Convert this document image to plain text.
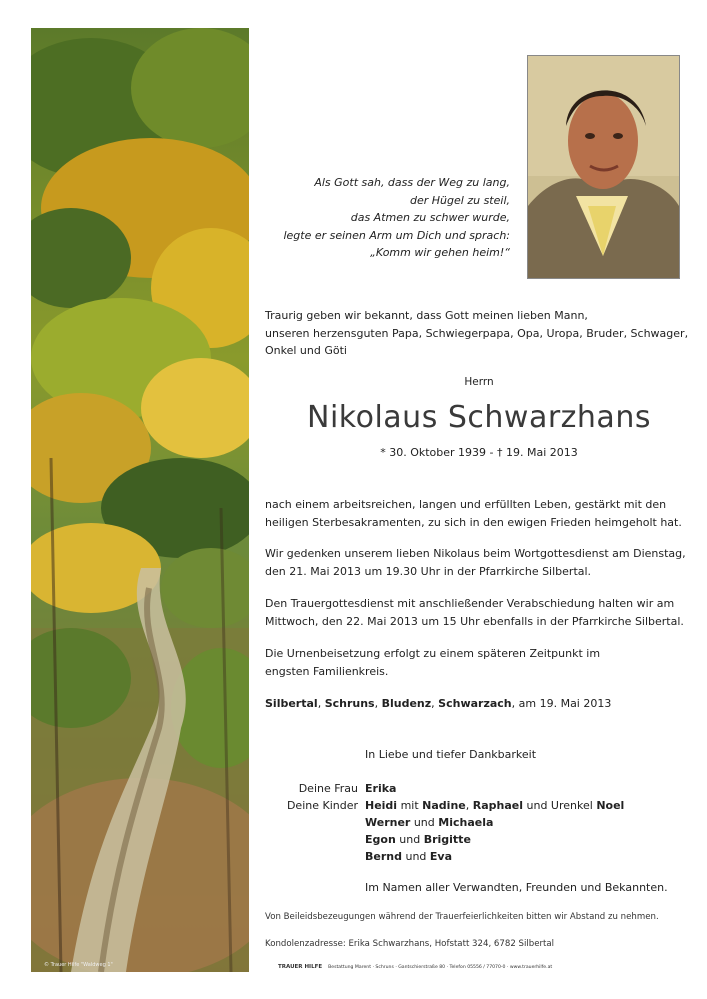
© Trauer Hilfe "Waldweg 1"
Als Gott sah, dass der Weg zu lang,
der Hügel zu steil,
das Atmen zu schwer wurde,
legte er seinen Arm um Dich und sprach:
„Komm wir gehen heim!“
Traurig geben wir bekannt, dass Gott meinen lieben Mann,
unseren herzensguten Papa, Schwiegerpapa, Opa, Uropa, Bruder, Schwager,
Onkel und Göti
Herrn
Nikolaus Schwarzhans
* 30. Oktober 1939 - † 19. Mai 2013
nach einem arbeitsreichen, langen und erfüllten Leben, gestärkt mit den
heiligen Sterbesakramenten, zu sich in den ewigen Frieden heimgeholt hat.
Wir gedenken unserem lieben Nikolaus beim Wortgottesdienst am Dienstag,
den 21. Mai 2013 um 19.30 Uhr in der Pfarrkirche Silbertal.
Den Trauergottesdienst mit anschließender Verabschiedung halten wir am
Mittwoch, den 22. Mai 2013 um 15 Uhr ebenfalls in der Pfarrkirche Silbertal.
Die Urnenbeisetzung erfolgt zu einem späteren Zeitpunkt im
engsten Familienkreis.
Silbertal, Schruns, Bludenz, Schwarzach, am 19. Mai 2013
In Liebe und tiefer Dankbarkeit
Deine Frau
Deine Kinder
Erika
Heidi mit Nadine, Raphael und Urenkel Noel
Werner und Michaela
Egon und Brigitte
Bernd und Eva
Im Namen aller Verwandten, Freunden und Bekannten.
Von Beileidsbezeugungen während der Trauerfeierlichkeiten bitten wir Abstand zu nehmen.
Kondolenzadresse: Erika Schwarzhans, Hofstatt 324, 6782 Silbertal
TRAUER HILFE Bestattung Marent · Schruns · Gantschierstraße 80 · Telefon 05556 / 77070-0 · www.trauerhilfe.at
